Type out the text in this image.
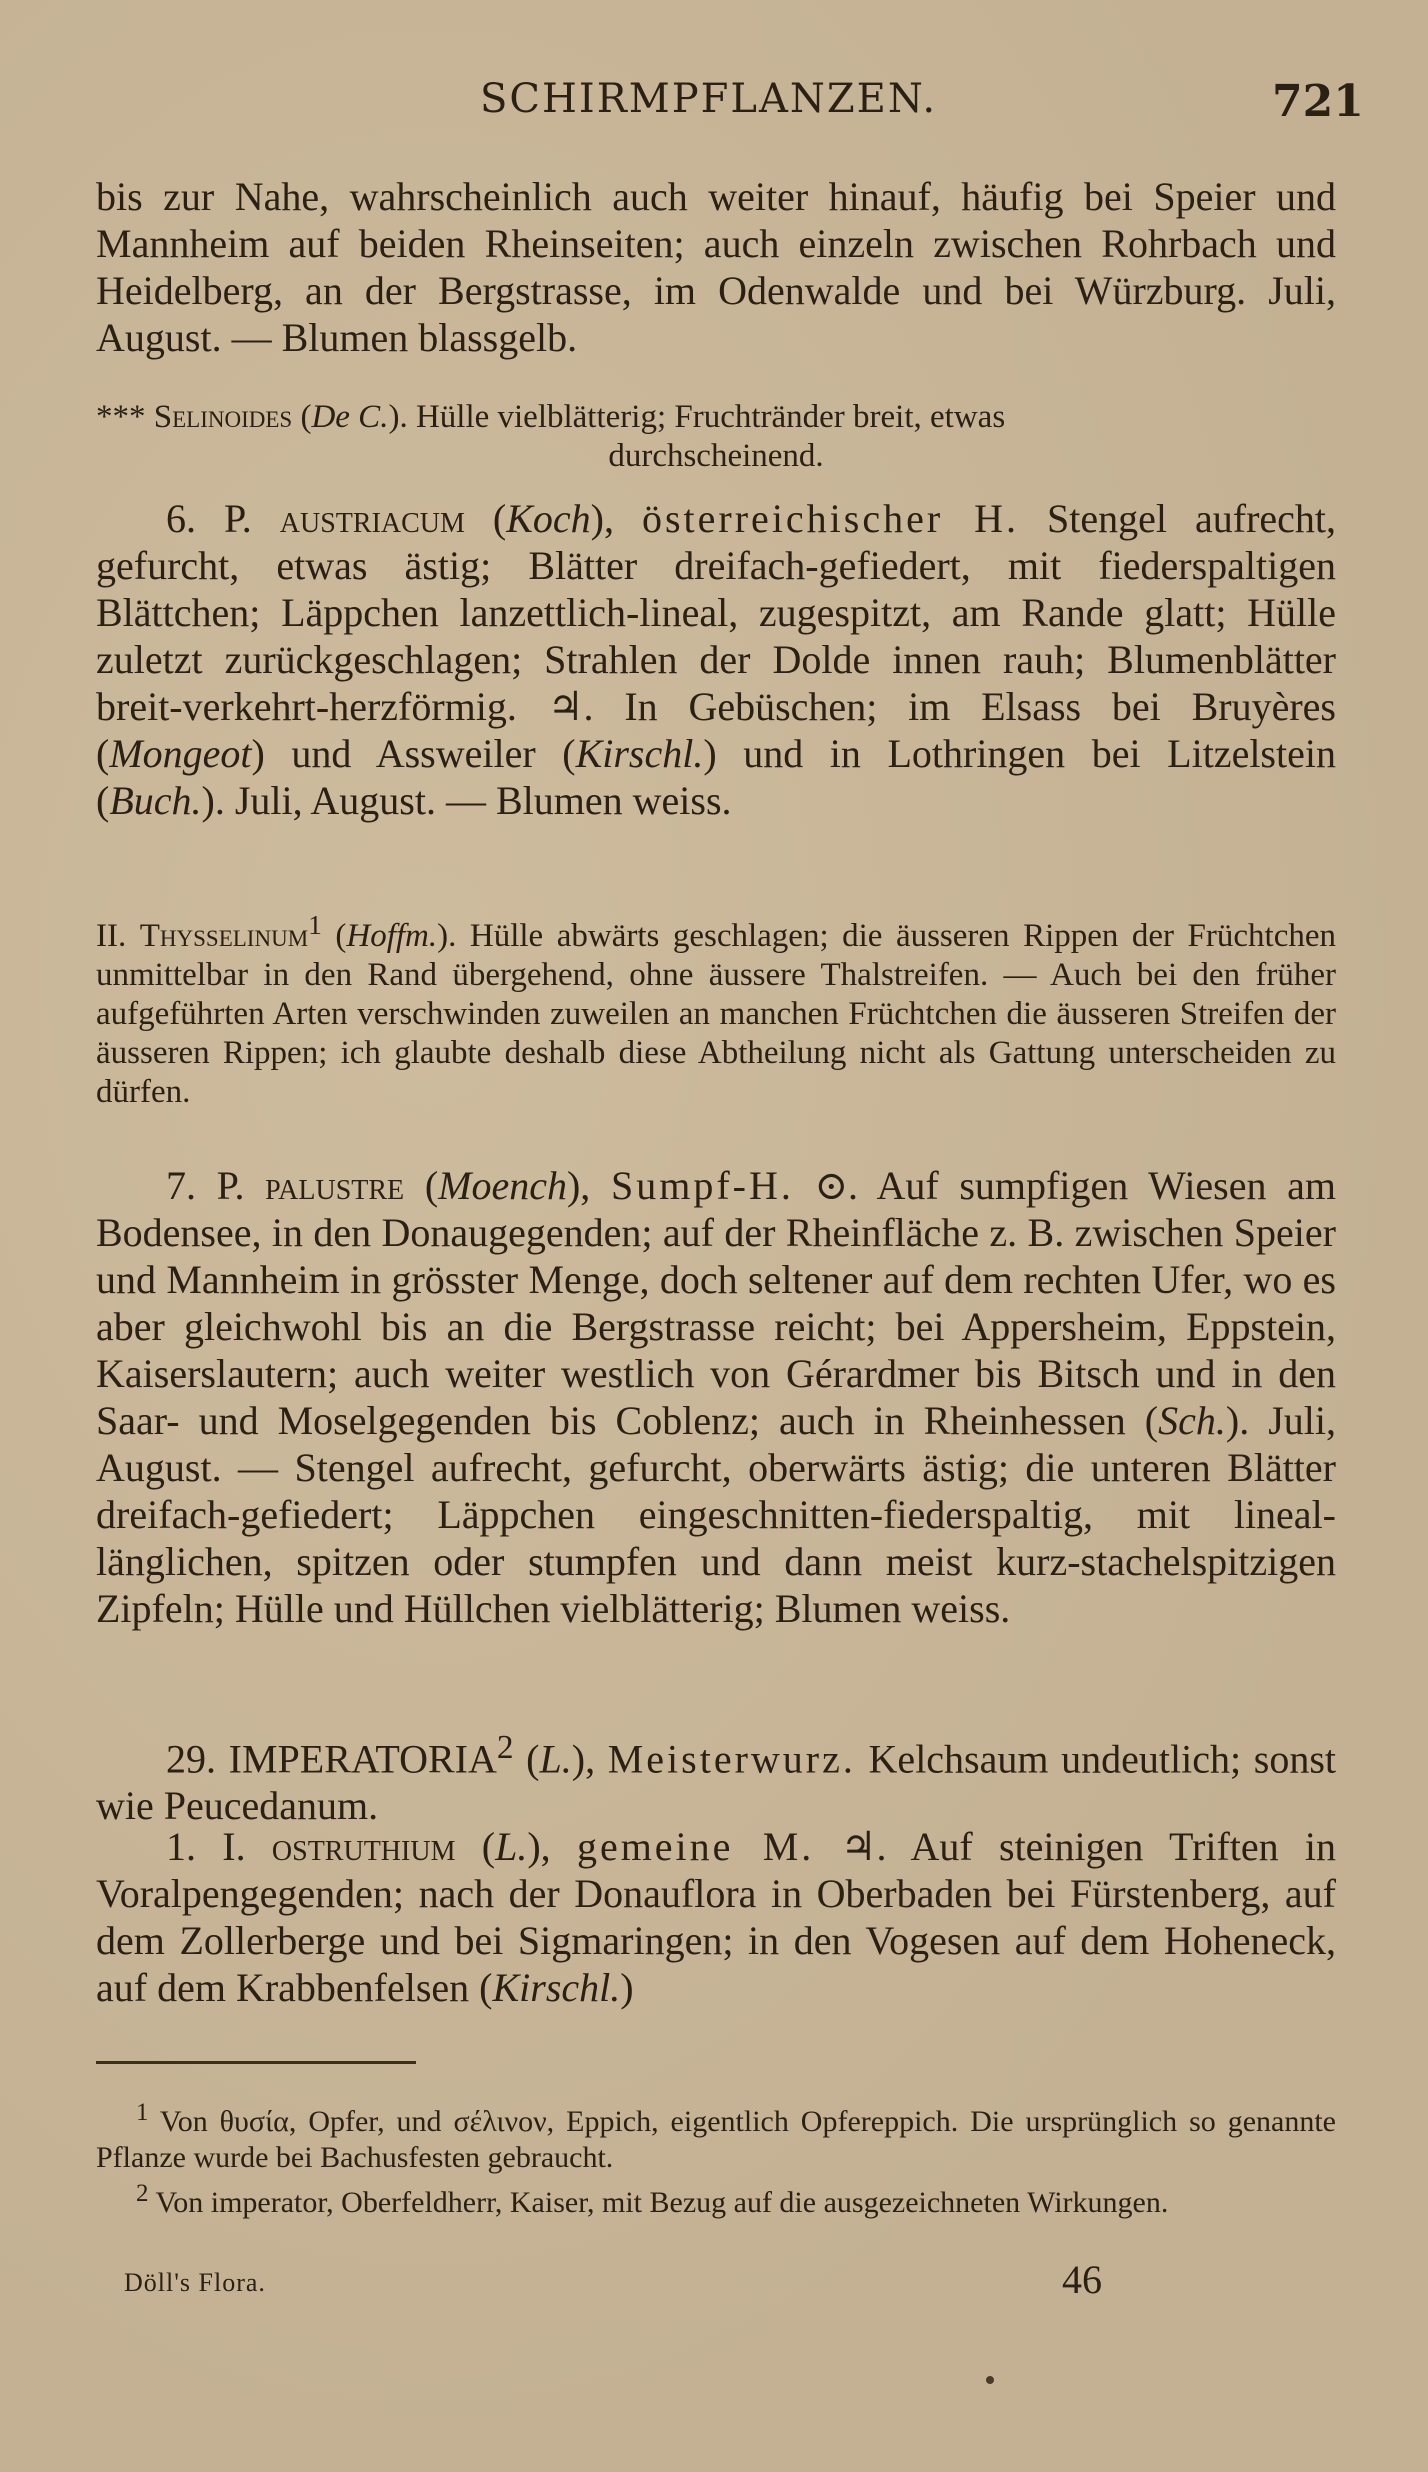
SCHIRMPFLANZEN.	721

bis zur Nahe, wahrscheinlich auch weiter hinauf, häufig bei Speier und Mannheim auf beiden Rheinseiten; auch einzeln zwischen Rohrbach und Heidelberg, an der Bergstrasse, im Odenwalde und bei Würzburg. Juli, August. — Blumen blassgelb.

*** Selinoides (De C.). Hülle vielblätterig; Fruchtränder breit, etwas
durchscheinend.

6. P. austriacum (Koch), österreichischer H. Stengel aufrecht, gefurcht, etwas ästig; Blätter dreifach-gefiedert, mit fiederspaltigen Blättchen; Läppchen lanzettlich-lineal, zugespitzt, am Rande glatt; Hülle zuletzt zurückgeschlagen; Strahlen der Dolde innen rauh; Blumenblätter breit-verkehrt-herzförmig. ♃. In Gebüschen; im Elsass bei Bruyères (Mongeot) und Assweiler (Kirschl.) und in Lothringen bei Litzelstein (Buch.). Juli, August. — Blumen weiss.

II. Thysselinum$^1$ (Hoffm.). Hülle abwärts geschlagen; die äusseren Rippen der Früchtchen unmittelbar in den Rand übergehend, ohne äussere Thalstreifen. — Auch bei den früher aufgeführten Arten verschwinden zuweilen an manchen Früchtchen die äusseren Streifen der äusseren Rippen; ich glaubte deshalb diese Abtheilung nicht als Gattung unterscheiden zu dürfen.

7. P. palustre (Moench), Sumpf-H. ⊙. Auf sumpfigen Wiesen am Bodensee, in den Donaugegenden; auf der Rheinfläche z. B. zwischen Speier und Mannheim in grösster Menge, doch seltener auf dem rechten Ufer, wo es aber gleichwohl bis an die Bergstrasse reicht; bei Appersheim, Eppstein, Kaiserslautern; auch weiter westlich von Gérardmer bis Bitsch und in den Saar- und Moselgegenden bis Coblenz; auch in Rheinhessen (Sch.). Juli, August. — Stengel aufrecht, gefurcht, oberwärts ästig; die unteren Blätter dreifach-gefiedert; Läppchen eingeschnitten-fiederspaltig, mit lineal-länglichen, spitzen oder stumpfen und dann meist kurz-stachelspitzigen Zipfeln; Hülle und Hüllchen vielblätterig; Blumen weiss.

29. IMPERATORIA$^2$ (L.), Meisterwurz. Kelchsaum undeutlich; sonst wie Peucedanum.

1. I. ostruthium (L.), gemeine M. ♃. Auf steinigen Triften in Voralpengegenden; nach der Donauflora in Oberbaden bei Fürstenberg, auf dem Zollerberge und bei Sigmaringen; in den Vogesen auf dem Hoheneck, auf dem Krabbenfelsen (Kirschl.)

$^1$ Von θυσία, Opfer, und σέλινον, Eppich, eigentlich Opfereppich. Die ursprünglich so genannte Pflanze wurde bei Bachusfesten gebraucht.

$^2$ Von imperator, Oberfeldherr, Kaiser, mit Bezug auf die ausgezeichneten Wirkungen.

Döll's Flora.	46
